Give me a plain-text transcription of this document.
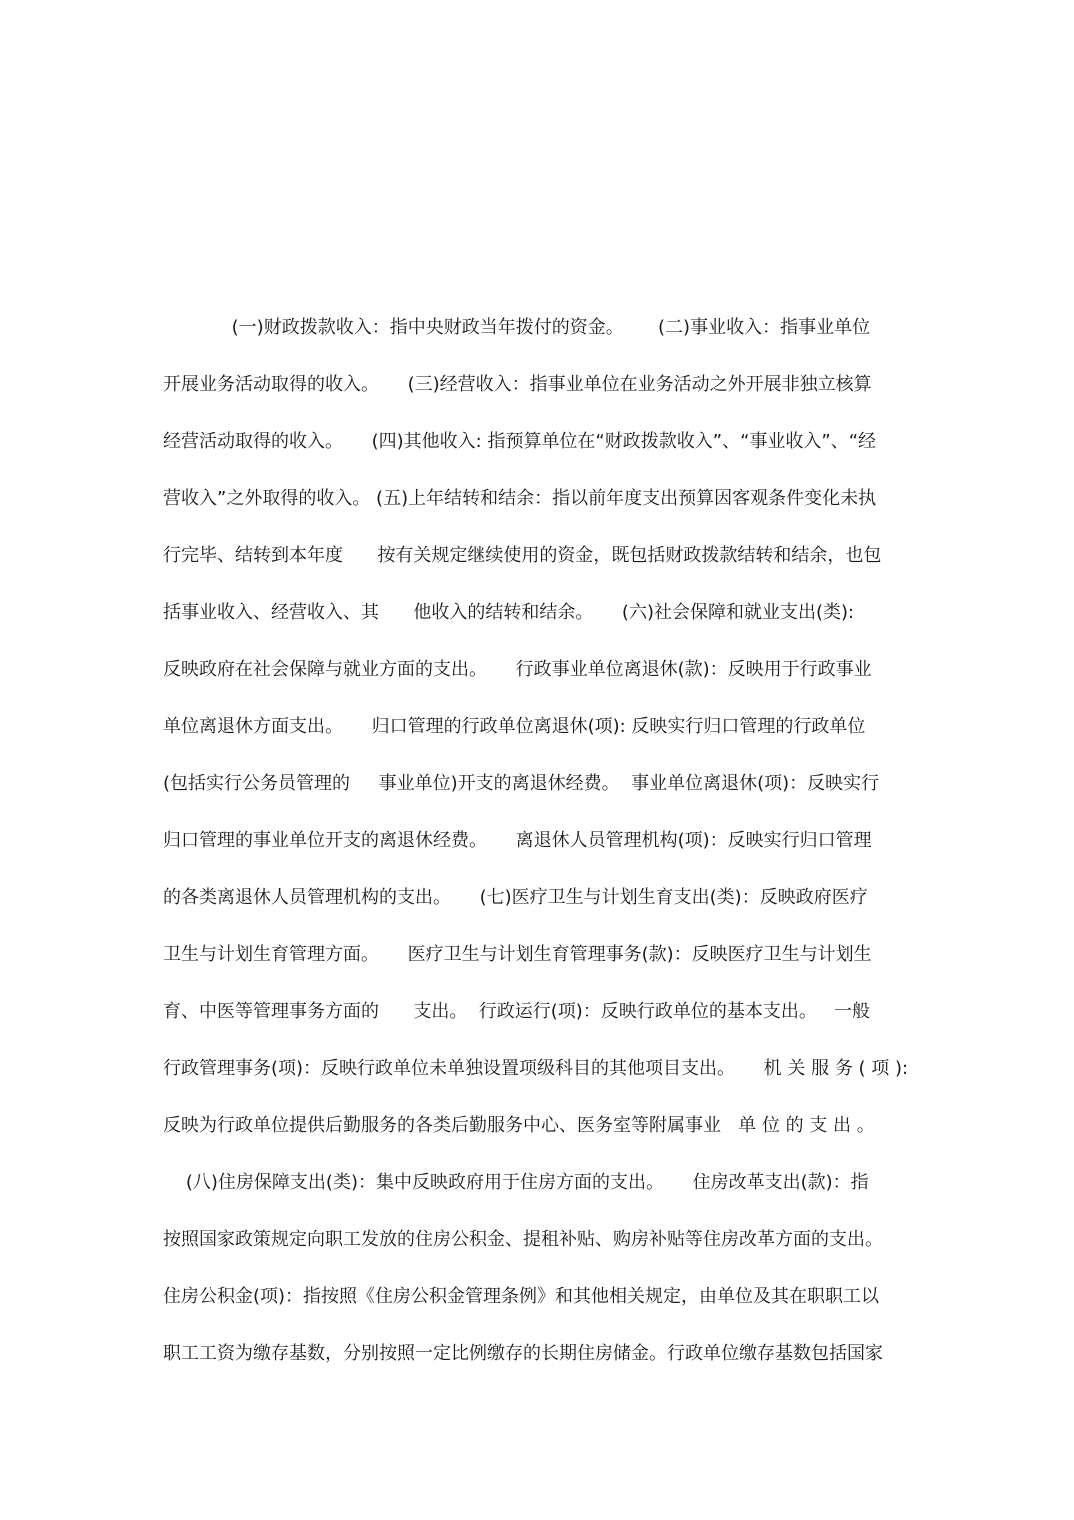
(一)财政拨款收入：指中央财政当年拨付的资金。      (二)事业收入：指事业单位
开展业务活动取得的收入。     (三)经营收入：指事业单位在业务活动之外开展非独立核算
经营活动取得的收入。     (四)其他收入: 指预算单位在“财政拨款收入”、“事业收入”、“经
营收入”之外取得的收入。 (五)上年结转和结余：指以前年度支出预算因客观条件变化未执
行完毕、结转到本年度      按有关规定继续使用的资金，既包括财政拨款结转和结余，也包
括事业收入、经营收入、其      他收入的结转和结余。     (六)社会保障和就业支出(类):
反映政府在社会保障与就业方面的支出。     行政事业单位离退休(款)：反映用于行政事业
单位离退休方面支出。     归口管理的行政单位离退休(项): 反映实行归口管理的行政单位
(包括实行公务员管理的     事业单位)开支的离退休经费。  事业单位离退休(项)：反映实行
归口管理的事业单位开支的离退休经费。     离退休人员管理机构(项)：反映实行归口管理
的各类离退休人员管理机构的支出。     (七)医疗卫生与计划生育支出(类)：反映政府医疗
卫生与计划生育管理方面。     医疗卫生与计划生育管理事务(款)：反映医疗卫生与计划生
育、中医等管理事务方面的      支出。  行政运行(项)：反映行政单位的基本支出。   一般
行政管理事务(项)：反映行政单位未单独设置项级科目的其他项目支出。     机 关 服 务 ( 项 ):
反映为行政单位提供后勤服务的各类后勤服务中心、医务室等附属事业   单 位 的 支 出 。
(八)住房保障支出(类)：集中反映政府用于住房方面的支出。     住房改革支出(款)：指
按照国家政策规定向职工发放的住房公积金、提租补贴、购房补贴等住房改革方面的支出。
住房公积金(项)：指按照《住房公积金管理条例》和其他相关规定，由单位及其在职职工以
职工工资为缴存基数，分别按照一定比例缴存的长期住房储金。行政单位缴存基数包括国家
